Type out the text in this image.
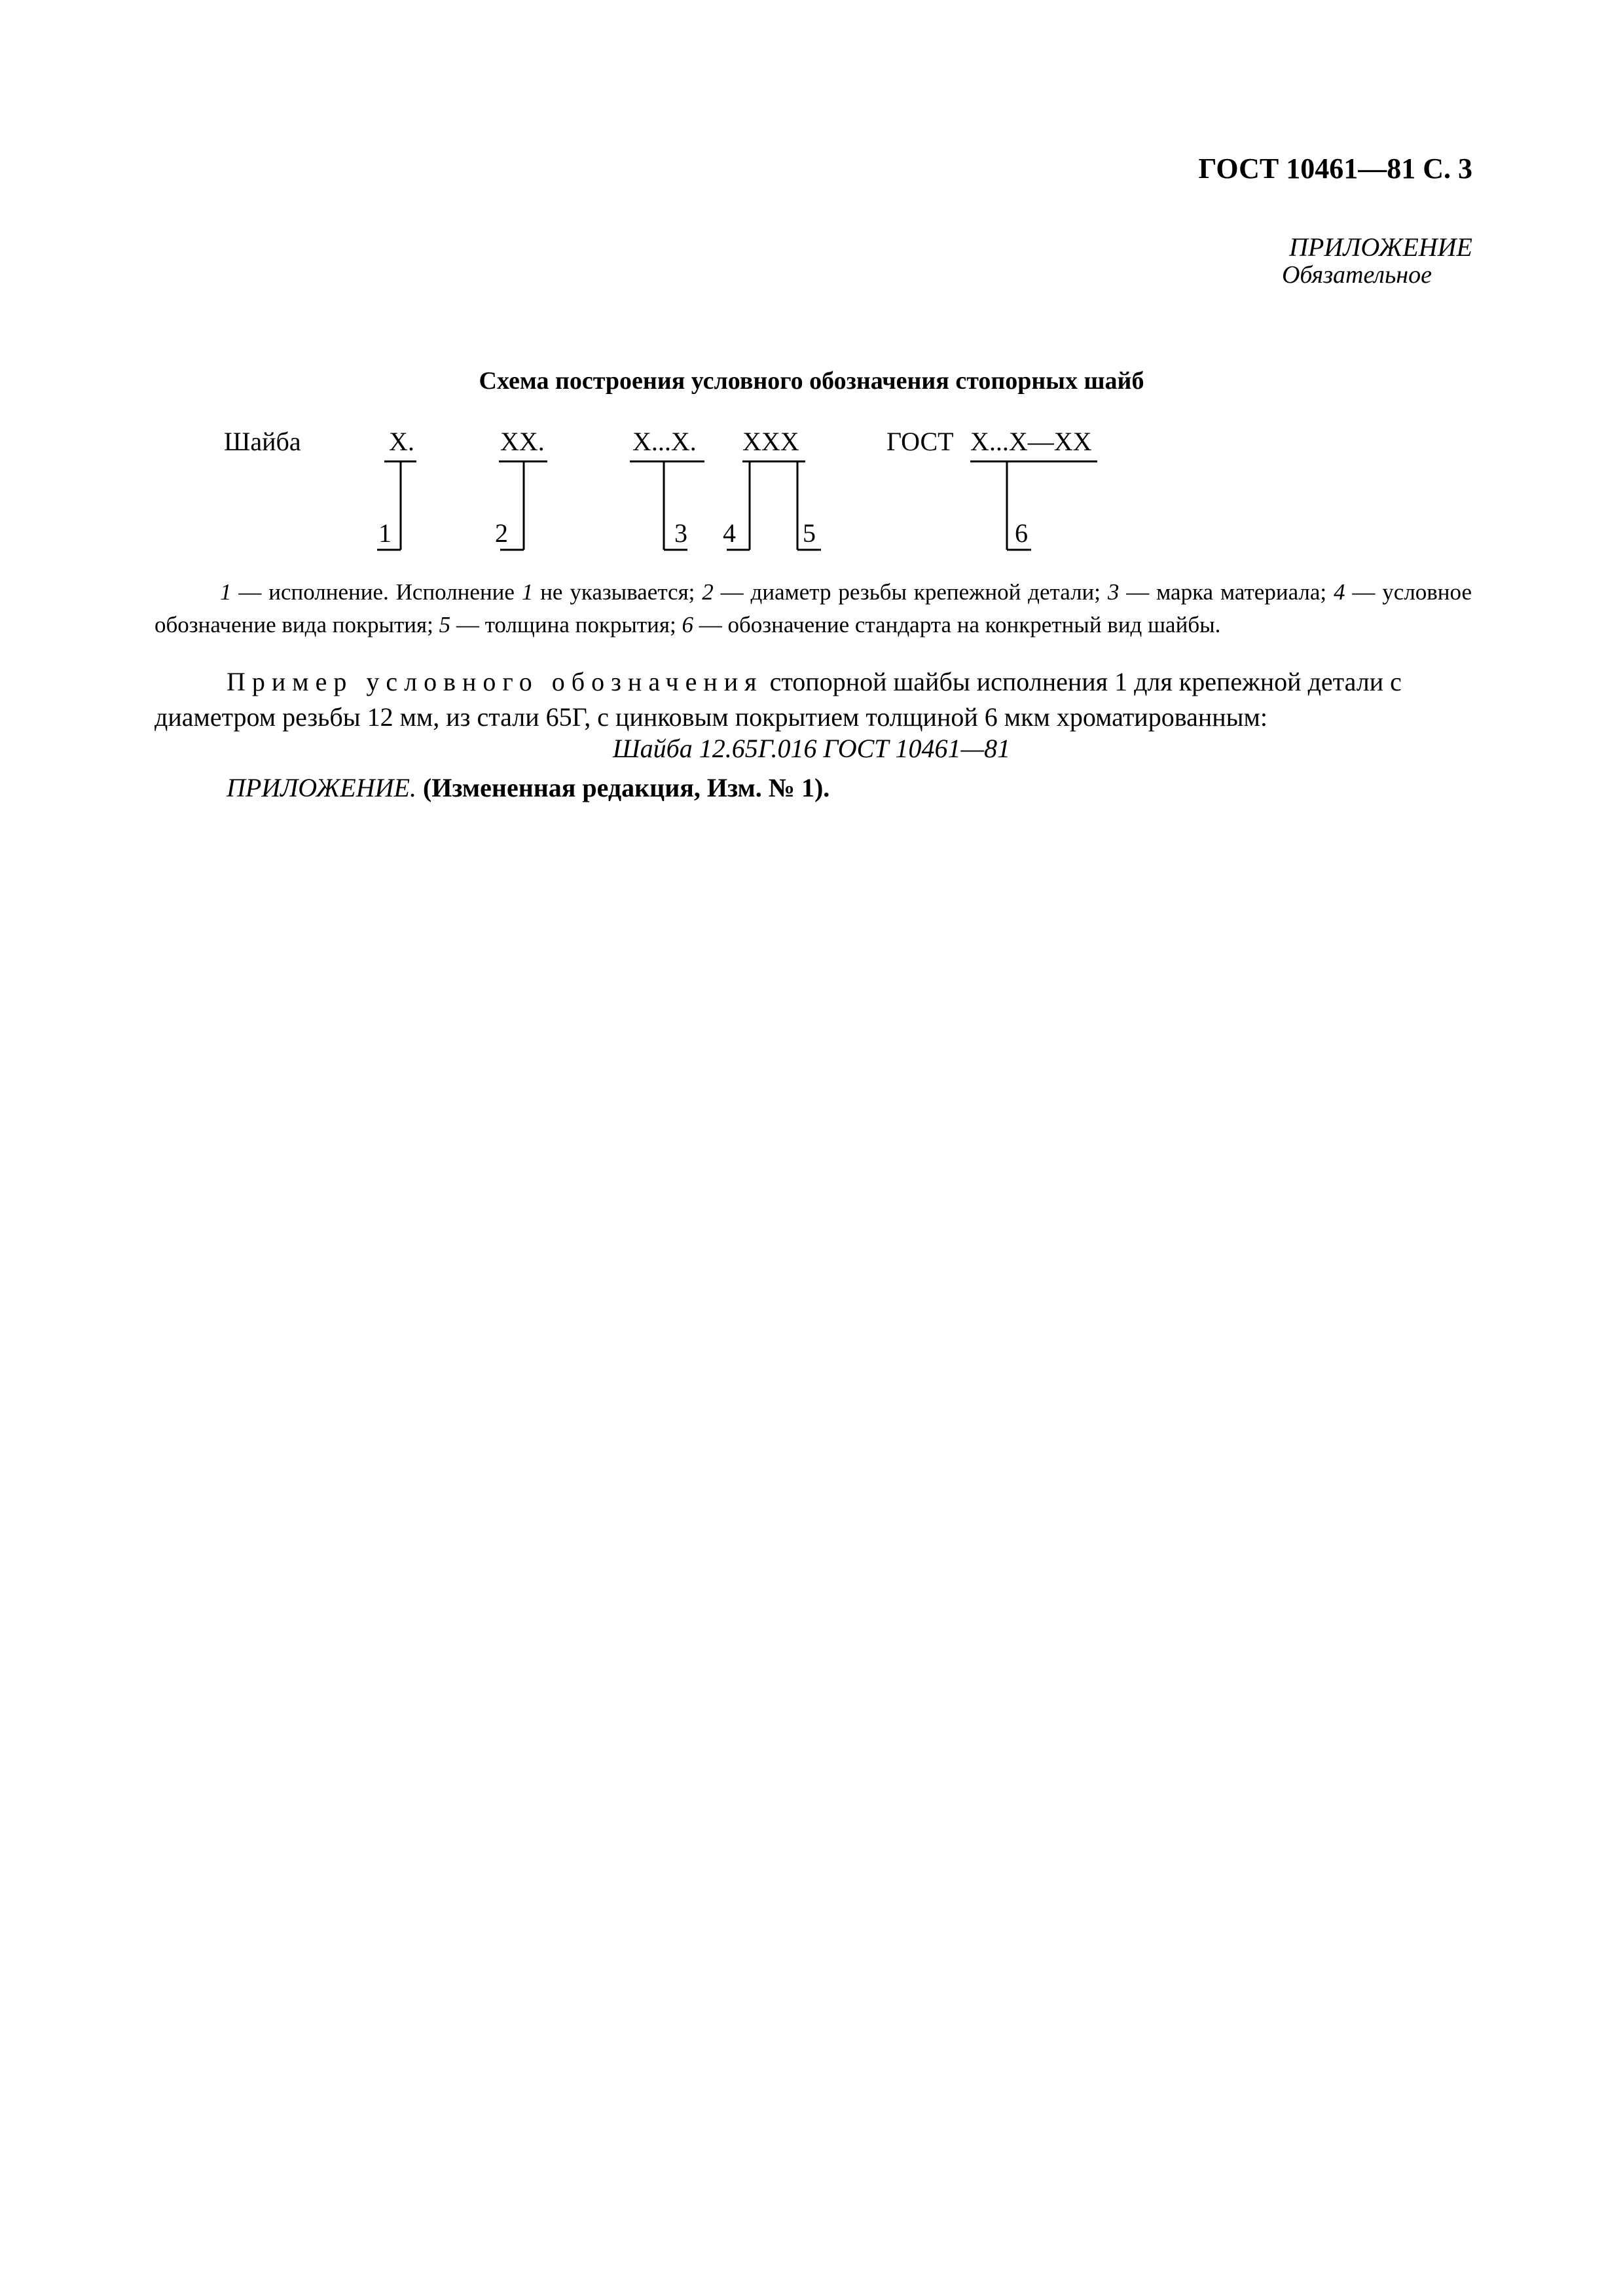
ГОСТ 10461—81 С. 3
ПРИЛОЖЕНИЕ
Обязательное
Схема построения условного обозначения стопорных шайб
Шайба	Х.	ХХ.	Х...Х. ХХХ	ГОСТ Х...Х—ХХ
1	2	3 4	5	6
1 — исполнение. Исполнение 1 не указывается; 2 — диаметр резьбы крепежной детали; 3 — марка материала; 4 — условное обозначение вида покрытия; 5 — толщина покрытия; 6 — обозначение стандарта на конкретный вид шайбы.
Пример условного обозначения стопорной шайбы исполнения 1 для крепежной детали с диаметром резьбы 12 мм, из стали 65Г, с цинковым покрытием толщиной 6 мкм хроматированным:
Шайба 12.65Г.016 ГОСТ 10461—81
ПРИЛОЖЕНИЕ. (Измененная редакция, Изм. № 1).
